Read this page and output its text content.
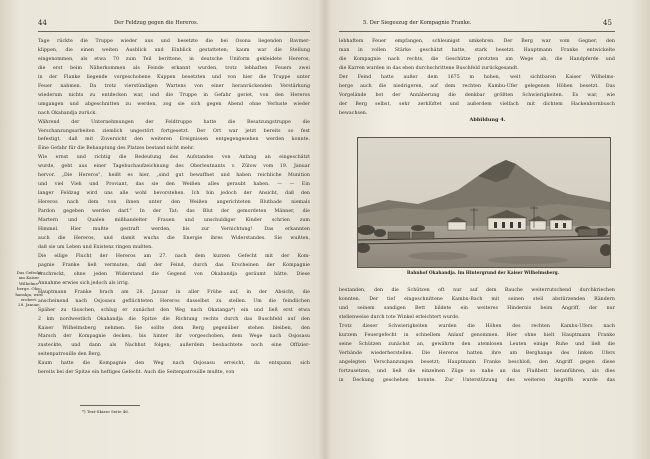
44	Der Feldzug gegen die Hereros.
Tage rückte die Truppe wieder aus und besetzte die bei Osona liegenden Bavmer-
klippen, die einen weiten Ausblick und Einblick gestatteten; kaum war die Stellung
eingenommen, als etwa 70 zum Teil berittene, in deutsche Uniform gekleidete Hereros,
die erst beim Näherkommen als Feinde erkannt wurden, trotz lebhaften Feuers zwei
in der Flanke liegende vorgeschobene Kuppen besetzten und von hier die Truppe unter
Feuer nahmen. Da trotz vierstündigen Wartens von einer heranrückenden Verstärkung
wiederum nichts zu entdecken war, und die Truppe in Gefahr geriet, von den Hereros
umgangen und abgeschnitten zu werden, zog sie sich gegen Abend ohne Verluste wieder
nach Okahandja zurück.
Während der Unternehmungen der Feldtruppe hatte die Besatzungstruppe die
Verschanzungsarbeiten ziemlich ungestört fortgesetzt. Der Ort war jetzt bereits so fest
befestigt, daß mit Zuversicht den weiteren Ereignissen entgegengesehen werden konnte.
Eine Gefahr für die Behauptung des Platzes bestand nicht mehr.
Wie ernst und richtig die Bedeutung des Aufstandes von Anfang an eingeschätzt
wurde, geht aus einer Tagebuchaufzeichnung des Oberleutnants v. Zülow vom 19. Januar
hervor. „Die Hereros", heißt es hier, „sind gut bewaffnet und haben reichliche Munition
und viel Vieh und Proviant, das sie den Weißen alles geraubt haben. — — Ein
langer Feldzug wird uns alle wohl bevorstehen. Ich bin jedoch der Ansicht, daß den
Hereros nach dem von ihnen unter den Weißen angerichteten Blutbade niemals
Pardon gegeben werden darf." In der Tat: das Blut der gemordeten Männer, die
Martern und Qualen mißhandelter Frauen und unschuldiger Kinder schrien zum
Himmel. Hier mußte gestraft werden, bis zur Vernichtung! Das erkannten
auch die Hereros, und damit wuchs die Energie ihres Widerstandes. Sie wußten,
daß sie um Leben und Existenz ringen mußten.
Die eilige Flucht der Hereros am 27. nach dem kurzen Gefecht mit der Kom-
pagnie Franke ließ vermuten, daß der Feind, durch das Erscheinen der Kompagnie
erschreckt, ohne jeden Widerstand die Gegend von Okahandja geräumt hätte. Diese
Annahme erwies sich jedoch als irrig.
Hauptmann Franke brach am 28. Januar in aller Frühe auf, in der Absicht, die
anscheinend nach Osjosasu geflüchteten Hereros dasselbst zu stellen. Um die feindlichen
Späher zu täuschen, schlug er zunächst den Weg nach Okatanga*) ein und ließ erst etwa
2 km nordwestlich Okahandja die Spitze die Richtung rechts durch das Buschfeld auf den
Kaiser Wilhelmsberg nehmen. Sie sollte dem Berg gegenüber stehen bleiben, den
Marsch der Kompagnie decken, bis hinter ihr vorgeschoben, dem Wege nach Osjosasu
zusteckte, und dann als Nachhut folgen; außerdem beobachtete noch eine Offizier-
seitenpatrouille den Berg.
Kaum hatte die Kompagnie den Weg nach Osjosasu erreicht, da entspann sich
bereits bei der Spitze ein heftiges Gefecht. Auch die Seitenpatrouille mußte, von
Das Gefecht
am Kaiser
Wilhelms-
berge. Ohe-
hanskja, wird
erobert.
28. Januar.
*) Text-Skizze Seite 46.
5. Der Siegeszug der Kompagnie Franke.	45
lebhaftem Feuer empfangen, schleunigst umkehren. Der Berg war vom Gegner, den
man in vollen Stärke geschätzt hatte, stark besetzt. Hauptmann Franke entwickelte
die Kompagnie nach rechts, die Geschütze protzten am Wege ab, die Handpferde und
die Karren wurden in das eben durchschrittene Buschfeld zurückgesandt.
Der Feind hatte außer dem 1675 m hohen, weit sichtbaren Kaiser Wilhelms-
berge auch die niedrigeren, auf dem rechten Kambu-Ufer gelegenen Höhen besetzt. Das
Vorgelände bot der Annäherung die denkbar größten Schwierigkeiten. Es war, wie
der Berg selbst, sehr zerklüftet und außerdem vielfach mit dichtem Hackenbornbusch
bewachsen.
Abbildung 4.
Bahnhof Okahandja. Im Hintergrund der Kaiser Wilhelmsberg.
bestanden, den die Schützen oft nur auf dem Bauche weiterrutschend durchkriechen
konnten. Der tief eingeschnittene Kambu-Bach mit seinen steil abstürzenden Rändern
und seinem sandigen Bett bildete ein weiteres Hindernis beim Angriff, der nur
stellenweise durch tote Winkel erleichtert wurde.
Trotz dieser Schwierigkeiten wurden die Höhen des rechten Kambu-Ufers nach
kurzem Feuergefecht in schnellem Anlauf genommen. Hier ohne hielt Hauptmann Franke
seine Schützen zunächst an, gewährte den atemlosen Leuten einige Ruhe und ließ die
Verbände wiederherstellen. Die Hereros hatten ihre am Berghange des linken Ufers
angelegten Verschanzungen besetzt; Hauptmann Franke beschloß, den Angriff gegen diese
fortzusetzen, und ließ die einzelnen Züge so nahe an das Flußbett heranführen, als dies
in Deckung geschehen konnte. Zur Unterstützung des weiteren Angriffs wurde das
